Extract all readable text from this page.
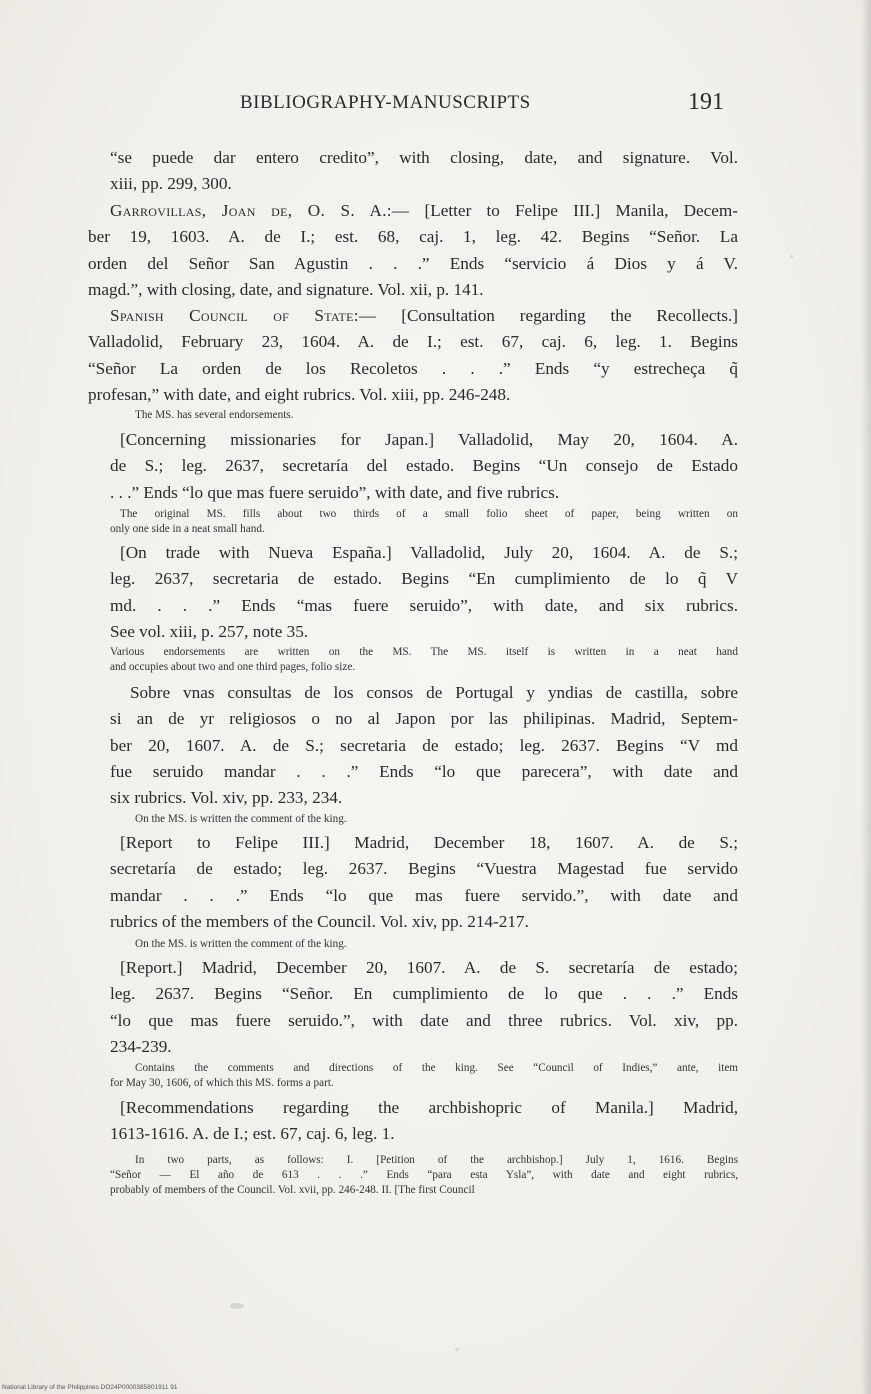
BIBLIOGRAPHY-MANUSCRIPTS	191
“se puede dar entero credito”, with closing, date, and signature. Vol.
xiii, pp. 299, 300.
Garrovillas, Joan de, O. S. A.:— [Letter to Felipe III.] Manila, Decem-
ber 19, 1603. A. de I.; est. 68, caj. 1, leg. 42. Begins “Señor. La
orden del Señor San Agustin . . .” Ends “servicio á Dios y á V.
magd.”, with closing, date, and signature. Vol. xii, p. 141.
Spanish Council of State:— [Consultation regarding the Recollects.]
Valladolid, February 23, 1604. A. de I.; est. 67, caj. 6, leg. 1. Begins
“Señor La orden de los Recoletos . . .” Ends “y estrecheça q̃
profesan,” with date, and eight rubrics. Vol. xiii, pp. 246-248.
The MS. has several endorsements.
[Concerning missionaries for Japan.] Valladolid, May 20, 1604. A.
de S.; leg. 2637, secretaría del estado. Begins “Un consejo de Estado
. . .” Ends “lo que mas fuere seruido”, with date, and five rubrics.
The original MS. fills about two thirds of a small folio sheet of paper, being written on
only one side in a neat small hand.
[On trade with Nueva España.] Valladolid, July 20, 1604. A. de S.;
leg. 2637, secretaria de estado. Begins “En cumplimiento de lo q̃ V
md. . . .” Ends “mas fuere seruido”, with date, and six rubrics.
See vol. xiii, p. 257, note 35.
Various endorsements are written on the MS. The MS. itself is written in a neat hand
and occupies about two and one third pages, folio size.
Sobre vnas consultas de los consos de Portugal y yndias de castilla, sobre
si an de yr religiosos o no al Japon por las philipinas. Madrid, Septem-
ber 20, 1607. A. de S.; secretaria de estado; leg. 2637. Begins “V md
fue seruido mandar . . .” Ends “lo que parecera”, with date and
six rubrics. Vol. xiv, pp. 233, 234.
On the MS. is written the comment of the king.
[Report to Felipe III.] Madrid, December 18, 1607. A. de S.;
secretaría de estado; leg. 2637. Begins “Vuestra Magestad fue servido
mandar . . .” Ends “lo que mas fuere servido.”, with date and
rubrics of the members of the Council. Vol. xiv, pp. 214-217.
On the MS. is written the comment of the king.
[Report.] Madrid, December 20, 1607. A. de S. secretaría de estado;
leg. 2637. Begins “Señor. En cumplimiento de lo que . . .” Ends
“lo que mas fuere seruido.”, with date and three rubrics. Vol. xiv, pp.
234-239.
Contains the comments and directions of the king. See “Council of Indies,” ante, item
for May 30, 1606, of which this MS. forms a part.
[Recommendations regarding the archbishopric of Manila.] Madrid,
1613-1616. A. de I.; est. 67, caj. 6, leg. 1.
In two parts, as follows: I. [Petition of the archbishop.] July 1, 1616. Begins
“Señor — El año de 613 . . .” Ends “para esta Ysla”, with date and eight rubrics,
probably of members of the Council. Vol. xvii, pp. 246-248. II. [The first Council
National Library of the Philippines DO24P0000385801911 91
